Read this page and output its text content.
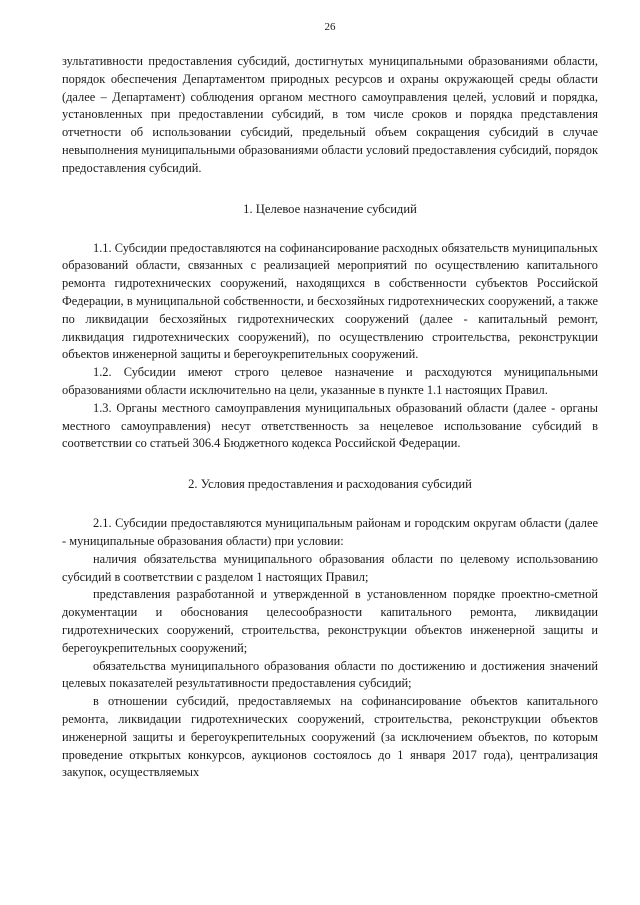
26

зультативности предоставления субсидий, достигнутых муниципальными образованиями области, порядок обеспечения Департаментом природных ресурсов и охраны окружающей среды области (далее – Департамент) соблюдения органом местного самоуправления целей, условий и порядка, установленных при предоставлении субсидий, в том числе сроков и порядка представления отчетности об использовании субсидий, предельный объем сокращения субсидий в случае невыполнения муниципальными образованиями области условий предоставления субсидий, порядок предоставления субсидий.

1. Целевое назначение субсидий

1.1. Субсидии предоставляются на софинансирование расходных обязательств муниципальных образований области, связанных с реализацией мероприятий по осуществлению капитального ремонта гидротехнических сооружений, находящихся в собственности субъектов Российской Федерации, в муниципальной собственности, и бесхозяйных гидротехнических сооружений, а также по ликвидации бесхозяйных гидротехнических сооружений (далее - капитальный ремонт, ликвидация гидротехнических сооружений), по осуществлению строительства, реконструкции объектов инженерной защиты и берегоукрепительных сооружений.

1.2. Субсидии имеют строго целевое назначение и расходуются муниципальными образованиями области исключительно на цели, указанные в пункте 1.1 настоящих Правил.

1.3. Органы местного самоуправления муниципальных образований области (далее - органы местного самоуправления) несут ответственность за нецелевое использование субсидий в соответствии со статьей 306.4 Бюджетного кодекса Российской Федерации.

2. Условия предоставления и расходования субсидий

2.1. Субсидии предоставляются муниципальным районам и городским округам области (далее - муниципальные образования области) при условии:

наличия обязательства муниципального образования области по целевому использованию субсидий в соответствии с разделом 1 настоящих Правил;

представления разработанной и утвержденной в установленном порядке проектно-сметной документации и обоснования целесообразности капитального ремонта, ликвидации гидротехнических сооружений, строительства, реконструкции объектов инженерной защиты и берегоукрепительных сооружений;

обязательства муниципального образования области по достижению и достижения значений целевых показателей результативности предоставления субсидий;

в отношении субсидий, предоставляемых на софинансирование объектов капитального ремонта, ликвидации гидротехнических сооружений, строительства, реконструкции объектов инженерной защиты и берегоукрепительных сооружений (за исключением объектов, по которым проведение открытых конкурсов, аукционов состоялось до 1 января 2017 года), централизация закупок, осуществляемых
